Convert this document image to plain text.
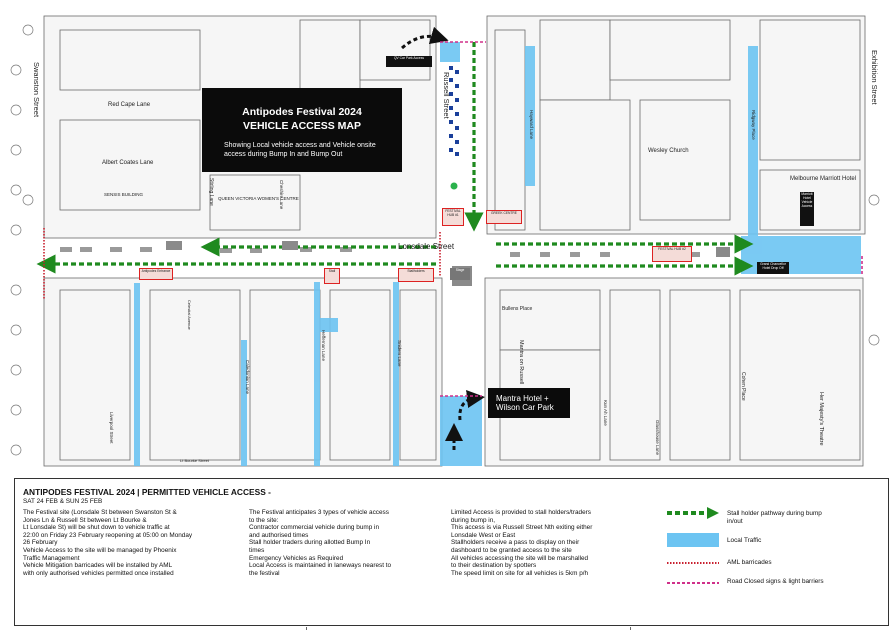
Swanston Street	Exhibition Street
Russell Street
Lonsdale Street
Red Cape Lane
Albert Coates Lane
SENSIS BUILDING
QUEEN VICTORIA WOMEN'S CENTRE
Stirling Lane
Wesley Church
Melbourne Marriott Hotel
Her Majesty's Theatre
Cohen Place
Bullens Place
Mantra on Russell
Liverpool Street
Heffernan Lane	Sniders Lane
Hayward Lane	Ridgway Place
Cheshire Lane
Kun Ah Lane
Glasshouse Lane
Caledonian Lane
Celestial Avenue
Lt Bourke Street
Antipodes Festival 2024
VEHICLE ACCESS MAP
Showing Local vehicle access and Vehicle onsite access during Bump In and Bump Out
QV Car Park Access
FESTIVAL HUB #1	GREEK CENTRE
FESTIVAL HUB #2
Antipodes Entrance	Stall	Stallholders	Stage
Grand Chancellor Hotel Drop Off
Marriott Hotel Vehicle Access
Mantra Hotel + Wilson Car Park
ANTIPODES FESTIVAL 2024 | PERMITTED VEHICLE ACCESS -
SAT 24 FEB & SUN 25 FEB

The Festival site (Lonsdale St between Swanston St &

Jones Ln & Russell St between Lt Bourke &

Lt Lonsdale St) will be shut down to vehicle traffic at

22:00 on Friday 23 February reopening at 05:00 on Monday

26 February

Vehicle Access to the site will be managed by Phoenix

Traffic Management

Vehicle Mitigation barricades will be installed by AML

with only authorised vehicles permitted once installed

The Festival anticipates 3 types of vehicle access

to the site:

Contractor commercial vehicle during bump in

and authorised times

Stall holder traders during allotted Bump In

times

Emergency Vehicles as Required

Local Access is maintained in laneways nearest to

the festival

Limited Access is provided to stall holders/traders

during bump in,

This access is via Russell Street Nth exiting either

Lonsdale West or East

Stallholders receive a pass to display on their

dashboard to be granted access to the site

All vehicles accessing the site will be marshalled

to their destination by spotters

The speed limit on site for all vehicles is 5km p/h

Stall holder pathway during bump in/out
Local Traffic
AML barricades
Road Closed signs & light barriers
